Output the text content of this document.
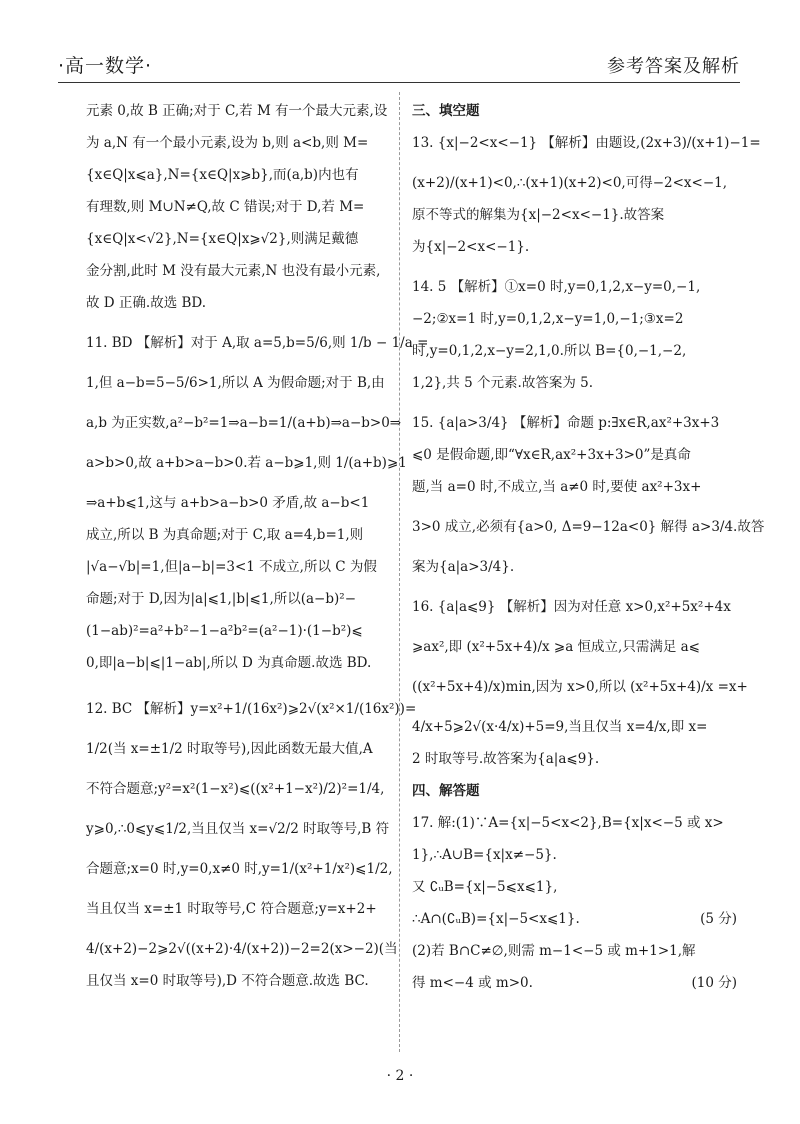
·高一数学·	参考答案及解析
元素 0,故 B 正确;对于 C,若 M 有一个最大元素,设
为 a,N 有一个最小元素,设为 b,则 a<b,则 M=
{x∈Q|x⩽a},N={x∈Q|x⩾b},而(a,b)内也有
有理数,则 M∪N≠Q,故 C 错误;对于 D,若 M=
{x∈Q|x<√2},N={x∈Q|x⩾√2},则满足戴德
金分割,此时 M 没有最大元素,N 也没有最小元素,
故 D 正确.故选 BD.
11. BD 【解析】对于 A,取 a=5,b=5/6,则 1/b − 1/a =
1,但 a−b=5−5/6>1,所以 A 为假命题;对于 B,由
a,b 为正实数,a²−b²=1⇒a−b=1/(a+b)⇒a−b>0⇒
a>b>0,故 a+b>a−b>0.若 a−b⩾1,则 1/(a+b)⩾1
⇒a+b⩽1,这与 a+b>a−b>0 矛盾,故 a−b<1
成立,所以 B 为真命题;对于 C,取 a=4,b=1,则
|√a−√b|=1,但|a−b|=3<1 不成立,所以 C 为假
命题;对于 D,因为|a|⩽1,|b|⩽1,所以(a−b)²−
(1−ab)²=a²+b²−1−a²b²=(a²−1)·(1−b²)⩽
0,即|a−b|⩽|1−ab|,所以 D 为真命题.故选 BD.
12. BC 【解析】y=x²+1/(16x²)⩾2√(x²×1/(16x²))=
1/2(当 x=±1/2 时取等号),因此函数无最大值,A
不符合题意;y²=x²(1−x²)⩽((x²+1−x²)/2)²=1/4,
y⩾0,∴0⩽y⩽1/2,当且仅当 x=√2/2 时取等号,B 符
合题意;x=0 时,y=0,x≠0 时,y=1/(x²+1/x²)⩽1/2,
当且仅当 x=±1 时取等号,C 符合题意;y=x+2+
4/(x+2)−2⩾2√((x+2)·4/(x+2))−2=2(x>−2)(当
且仅当 x=0 时取等号),D 不符合题意.故选 BC.
三、填空题
13. {x|−2<x<−1} 【解析】由题设,(2x+3)/(x+1)−1=
(x+2)/(x+1)<0,∴(x+1)(x+2)<0,可得−2<x<−1,
原不等式的解集为{x|−2<x<−1}.故答案
为{x|−2<x<−1}.
14. 5 【解析】①x=0 时,y=0,1,2,x−y=0,−1,
−2;②x=1 时,y=0,1,2,x−y=1,0,−1;③x=2
时,y=0,1,2,x−y=2,1,0.所以 B={0,−1,−2,
1,2},共 5 个元素.故答案为 5.
15. {a|a>3/4} 【解析】命题 p:∃x∈R,ax²+3x+3
⩽0 是假命题,即“∀x∈R,ax²+3x+3>0”是真命
题,当 a=0 时,不成立,当 a≠0 时,要使 ax²+3x+
3>0 成立,必须有{a>0, Δ=9−12a<0} 解得 a>3/4.故答
案为{a|a>3/4}.
16. {a|a⩽9} 【解析】因为对任意 x>0,x²+5x²+4x
⩾ax²,即 (x²+5x+4)/x ⩾a 恒成立,只需满足 a⩽
((x²+5x+4)/x)min,因为 x>0,所以 (x²+5x+4)/x =x+
4/x+5⩾2√(x·4/x)+5=9,当且仅当 x=4/x,即 x=
2 时取等号.故答案为{a|a⩽9}.
四、解答题
17. 解:(1)∵A={x|−5<x<2},B={x|x<−5 或 x>
1},∴A∪B={x|x≠−5}.
又 ∁ᵤB={x|−5⩽x⩽1},
∴A∩(∁ᵤB)={x|−5<x⩽1}.	(5 分)
(2)若 B∩C≠∅,则需 m−1<−5 或 m+1>1,解
得 m<−4 或 m>0.	(10 分)
· 2 ·
